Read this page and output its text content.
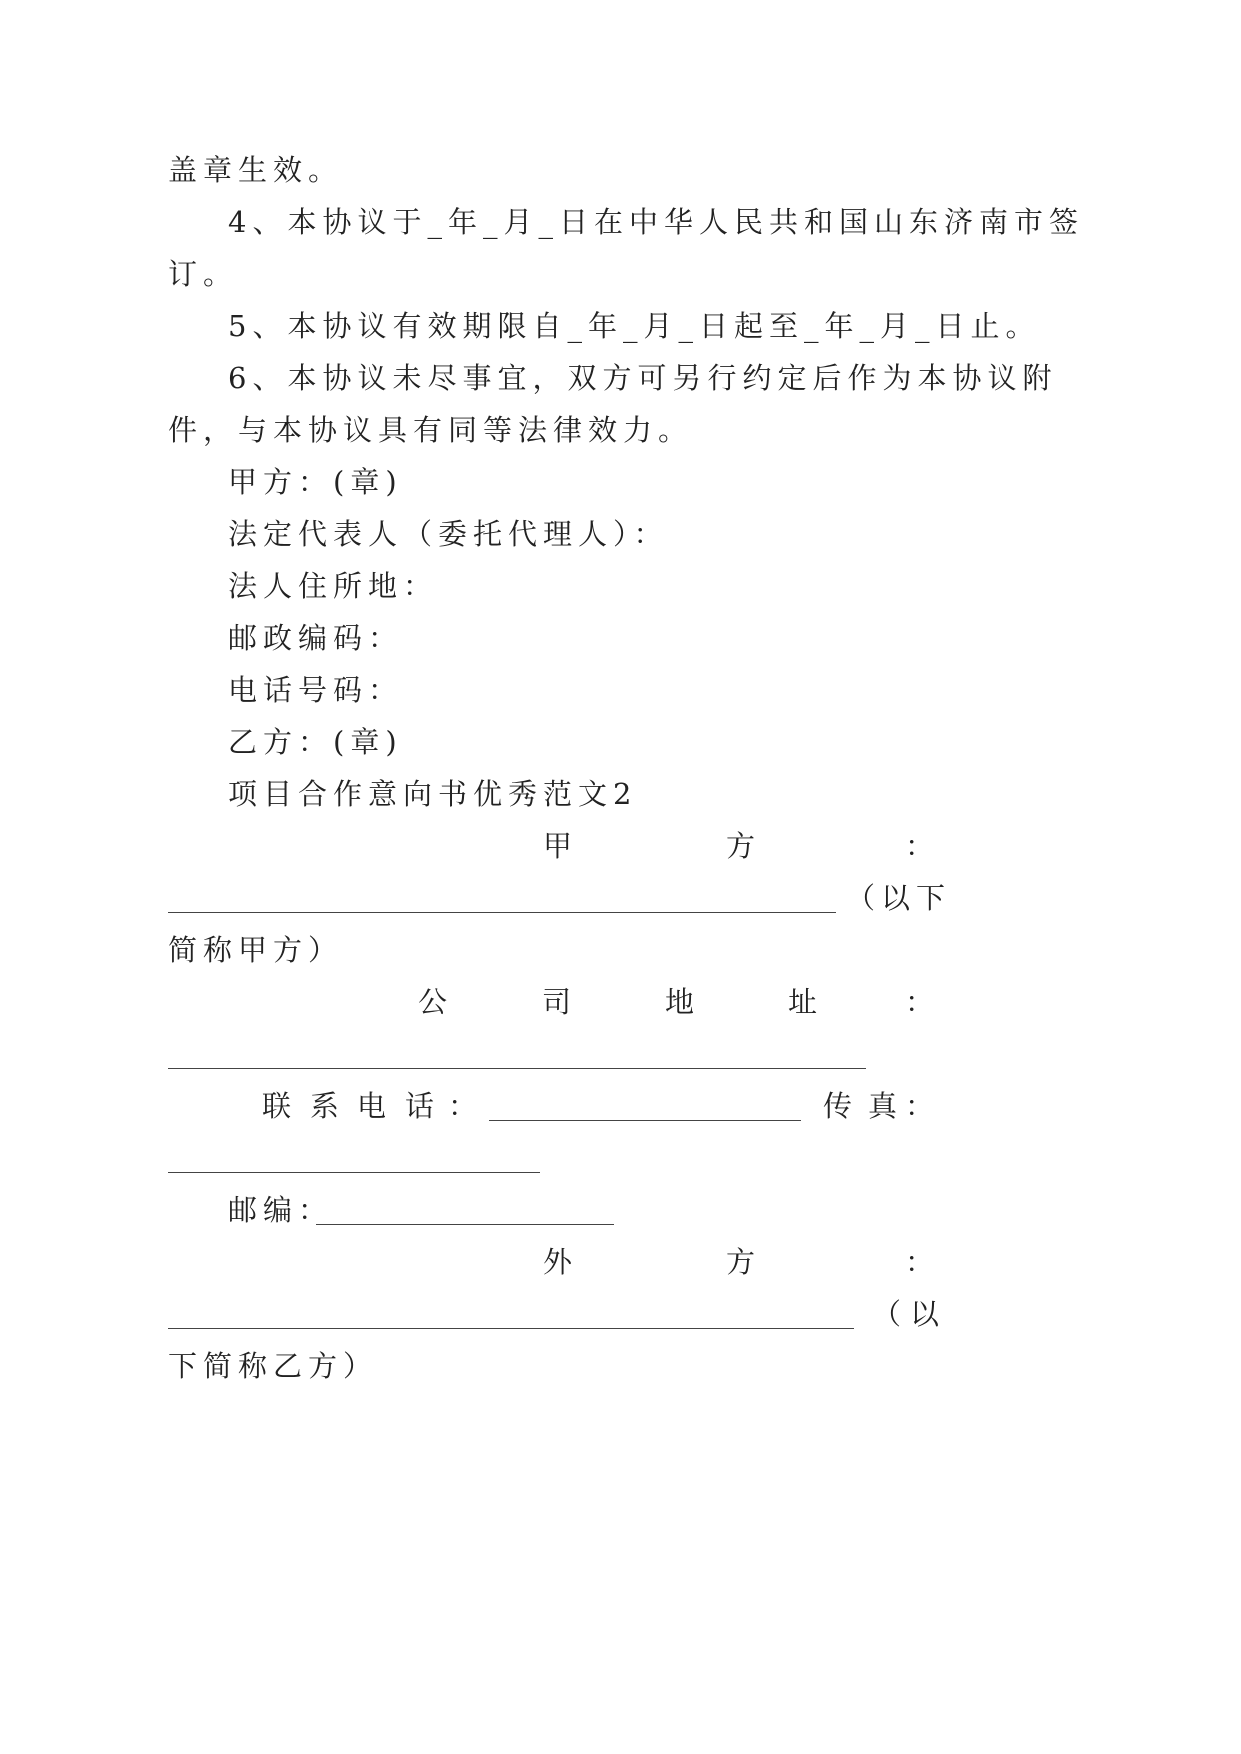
盖章生效。
4、本协议于_年_月_日在中华人民共和国山东济南市签
订。
5、本协议有效期限自_年_月_日起至_年_月_日止。
6、本协议未尽事宜，双方可另行约定后作为本协议附
件，与本协议具有同等法律效力。
甲方：(章)
法定代表人（委托代理人）：
法人住所地：
邮政编码：
电话号码：
乙方：(章)
项目合作意向书优秀范文2
甲	方	：
（以下
简称甲方）
公	司	地	址	：
联 系 电 话 ：	传 真 ：
邮编：
外	方	：
（ 以
下简称乙方）
